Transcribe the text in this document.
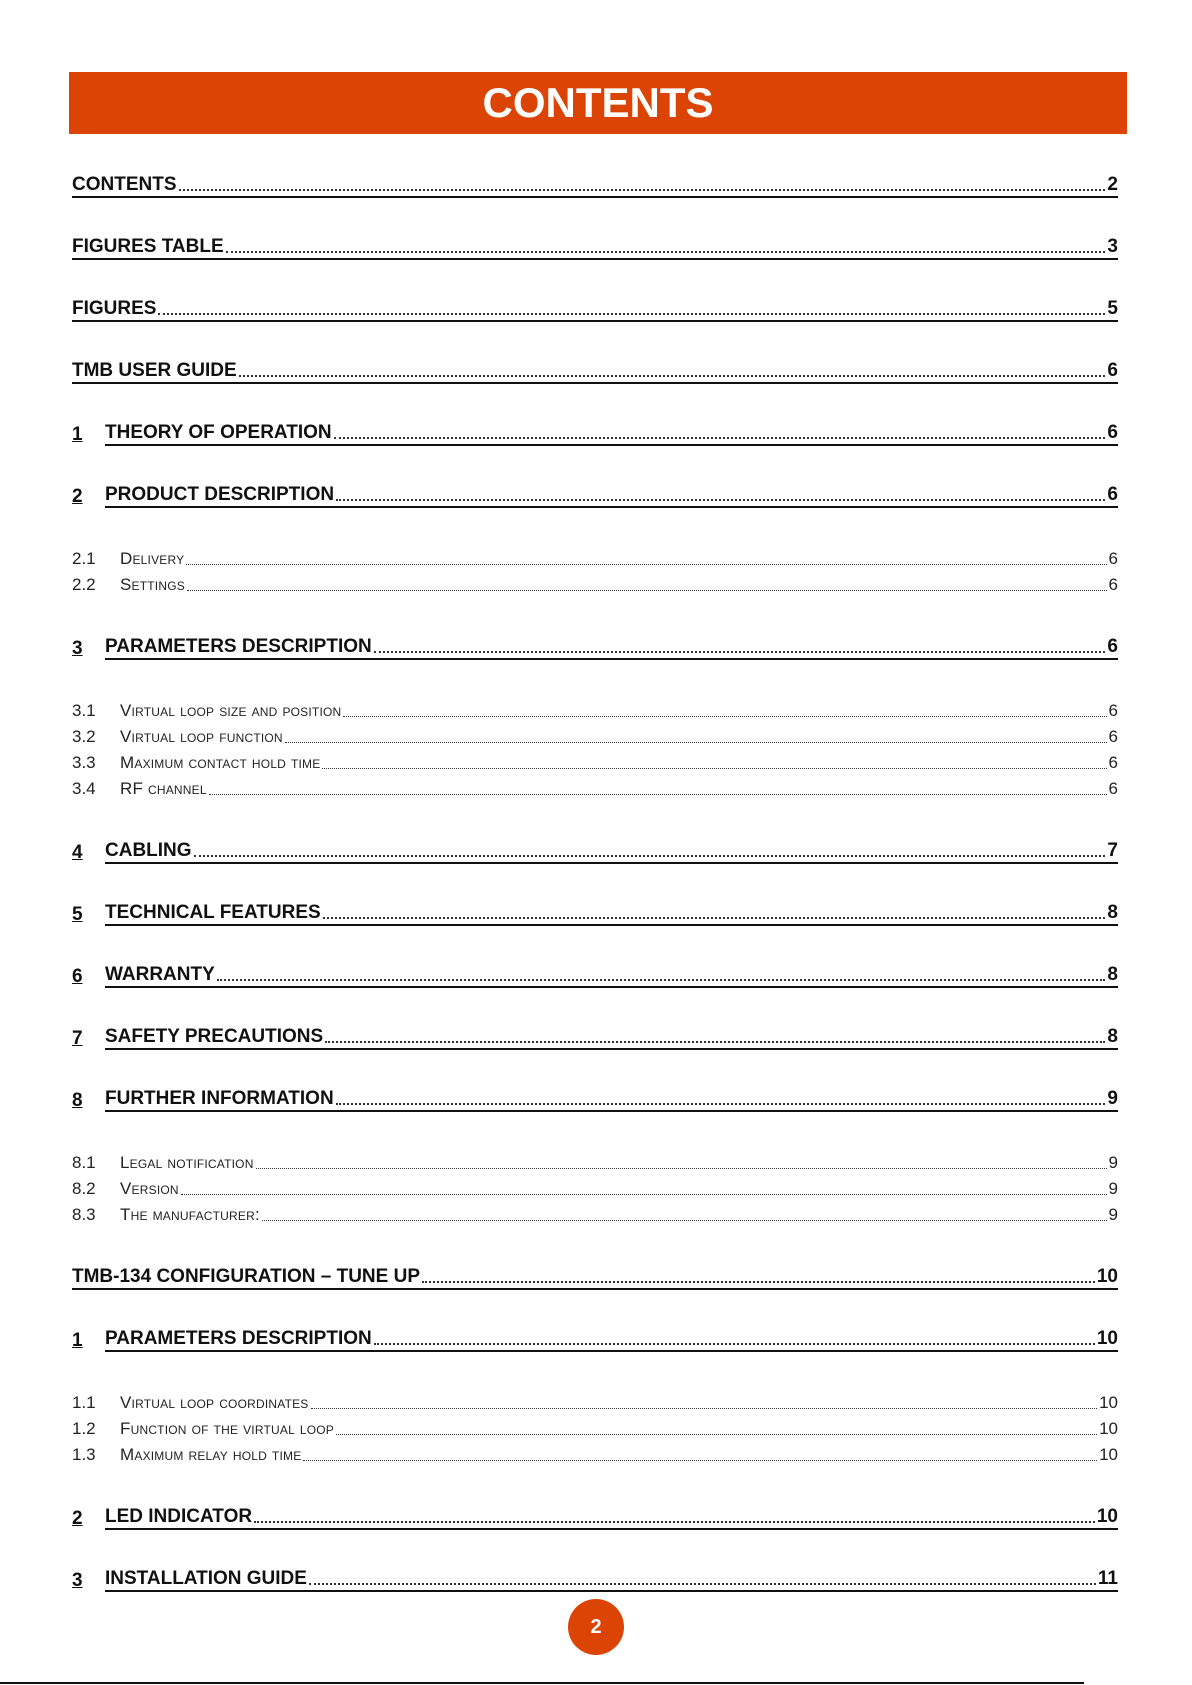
CONTENTS
CONTENTS	2
FIGURES TABLE	3
FIGURES	5
TMB USER GUIDE	6
1	THEORY OF OPERATION	6
2	PRODUCT DESCRIPTION	6
2.1	Delivery	6
2.2	Settings	6
3	PARAMETERS DESCRIPTION	6
3.1	Virtual loop size and position	6
3.2	Virtual loop function	6
3.3	Maximum contact hold time	6
3.4	RF channel	6
4	CABLING	7
5	TECHNICAL FEATURES	8
6	WARRANTY	8
7	SAFETY PRECAUTIONS	8
8	FURTHER INFORMATION	9
8.1	Legal notification	9
8.2	Version	9
8.3	The manufacturer:	9
TMB-134 CONFIGURATION – TUNE UP	10
1	PARAMETERS DESCRIPTION	10
1.1	Virtual loop coordinates	10
1.2	Function of the virtual loop	10
1.3	Maximum relay hold time	10
2	LED INDICATOR	10
3	INSTALLATION GUIDE	11
2
